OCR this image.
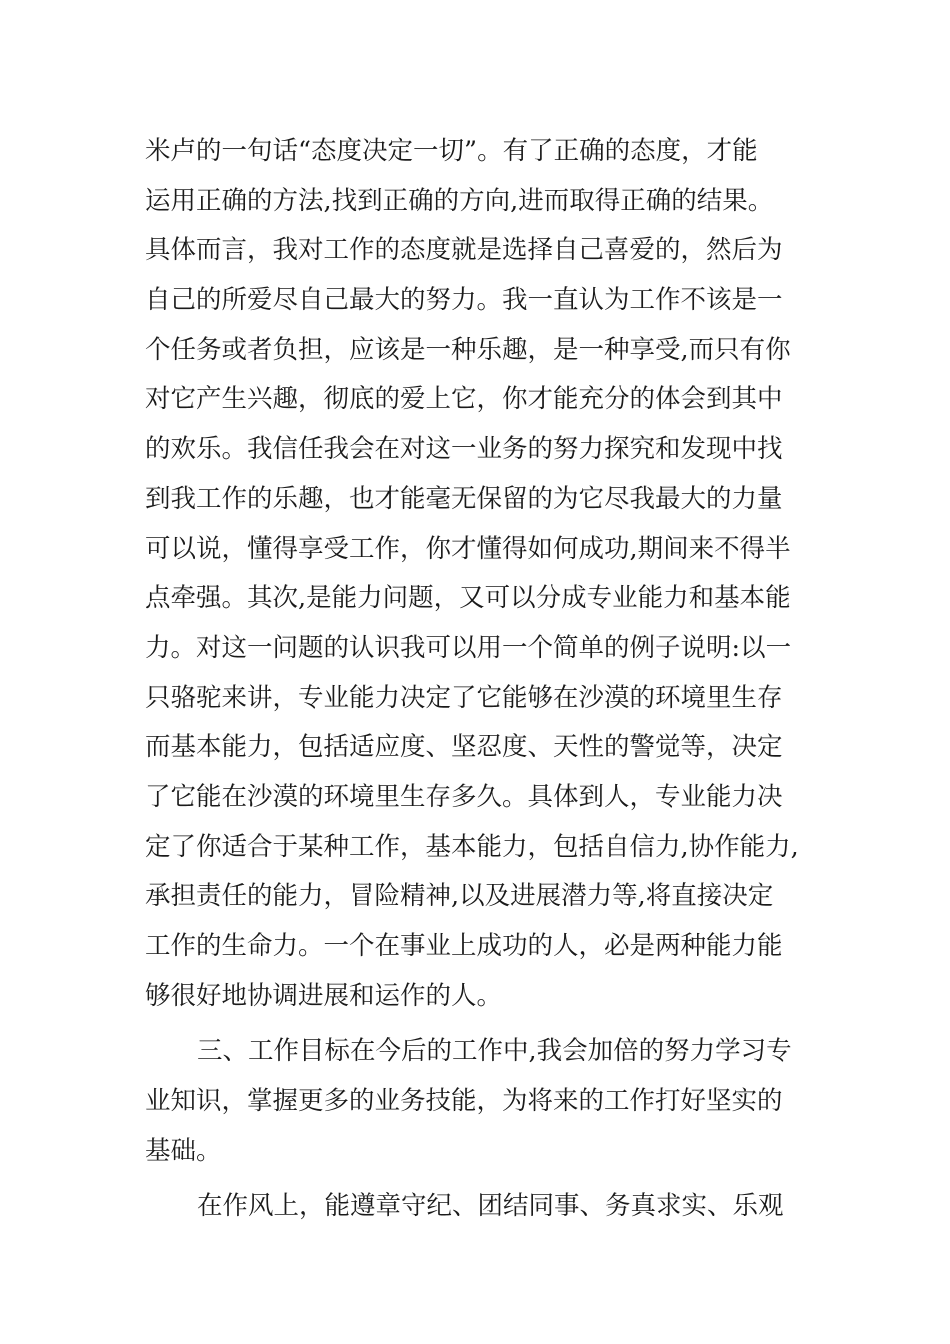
米卢的一句话“态度决定一切”。有了正确的态度，才能
运用正确的方法,找到正确的方向,进而取得正确的结果。
具体而言，我对工作的态度就是选择自己喜爱的，然后为
自己的所爱尽自己最大的努力。我一直认为工作不该是一
个任务或者负担，应该是一种乐趣，是一种享受,而只有你
对它产生兴趣，彻底的爱上它，你才能充分的体会到其中
的欢乐。我信任我会在对这一业务的努力探究和发现中找
到我工作的乐趣，也才能毫无保留的为它尽我最大的力量
可以说，懂得享受工作，你才懂得如何成功,期间来不得半
点牵强。其次,是能力问题，又可以分成专业能力和基本能
力。对这一问题的认识我可以用一个简单的例子说明:以一
只骆驼来讲，专业能力决定了它能够在沙漠的环境里生存
而基本能力，包括适应度、坚忍度、天性的警觉等，决定
了它能在沙漠的环境里生存多久。具体到人，专业能力决
定了你适合于某种工作，基本能力，包括自信力,协作能力,
承担责任的能力，冒险精神,以及进展潜力等,将直接决定
工作的生命力。一个在事业上成功的人，必是两种能力能
够很好地协调进展和运作的人。
三、工作目标在今后的工作中,我会加倍的努力学习专
业知识，掌握更多的业务技能，为将来的工作打好坚实的
基础。
在作风上，能遵章守纪、团结同事、务真求实、乐观
